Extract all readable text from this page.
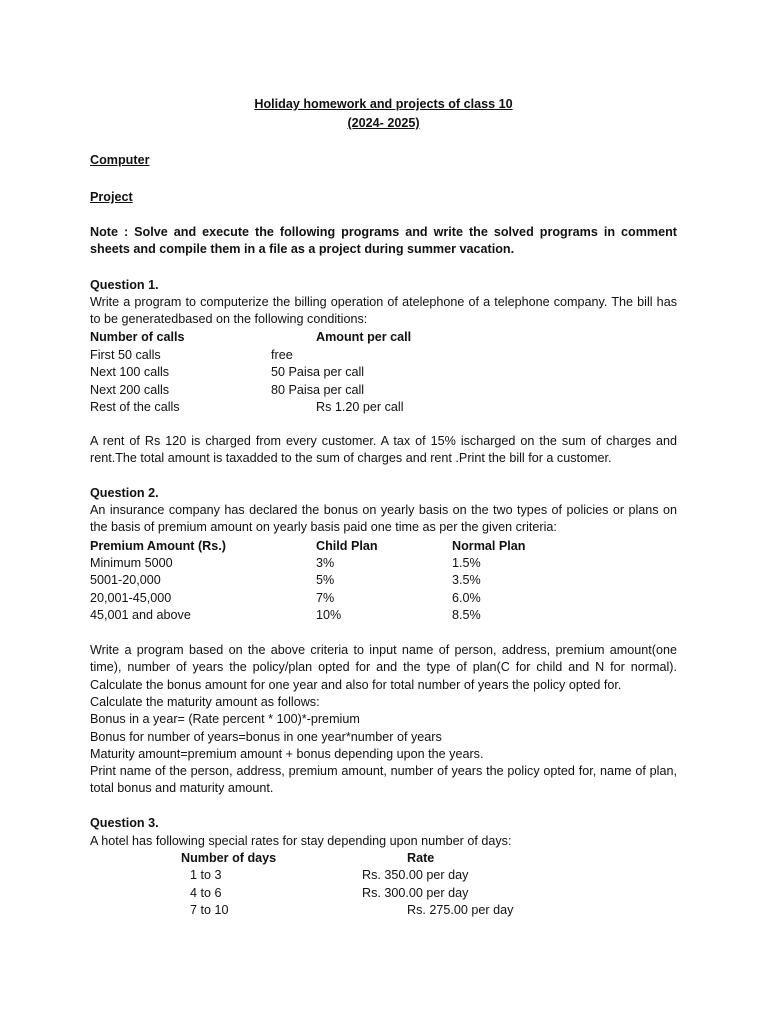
Holiday homework and projects of class 10
(2024- 2025)
Computer
Project
Note : Solve and execute the following programs and write the solved programs in comment sheets and compile them in a file as a project during summer vacation.
Question 1.
Write a program to computerize the billing operation of atelephone of a telephone company. The bill has to be generatedbased on the following conditions:
Number of calls	Amount per call
First 50 calls	free
Next 100 calls	50 Paisa per call
Next 200 calls	80 Paisa per call
Rest of the calls	Rs 1.20 per call
A rent of Rs 120 is charged from every customer. A tax of 15% ischarged on the sum of charges and rent.The total amount is taxadded to the sum of charges and rent .Print the bill for a customer.
Question 2.
An insurance company has declared the bonus on yearly basis on the two types of policies or plans on the basis of premium amount on yearly basis paid one time as per the given criteria:
Premium Amount (Rs.)	Child Plan	Normal Plan
Minimum 5000	3%	1.5%
5001-20,000	5%	3.5%
20,001-45,000	7%	6.0%
45,001 and above	10%	8.5%
Write a program based on the above criteria to input name of person, address, premium amount(one time), number of years the policy/plan opted for and the type of plan(C for child and N for normal). Calculate the bonus amount for one year and also for total number of years the policy opted for.
Calculate the maturity amount as follows:
Bonus in a year= (Rate percent * 100)*-premium
Bonus for number of years=bonus in one year*number of years
Maturity amount=premium amount + bonus depending upon the years.
Print name of the person, address, premium amount, number of years the policy opted for, name of plan, total bonus and maturity amount.
Question 3.
A hotel has following special rates for stay depending upon number of days:
Number of days	Rate
1 to 3	Rs. 350.00 per day
4 to 6	Rs. 300.00 per day
7 to 10	Rs. 275.00 per day
